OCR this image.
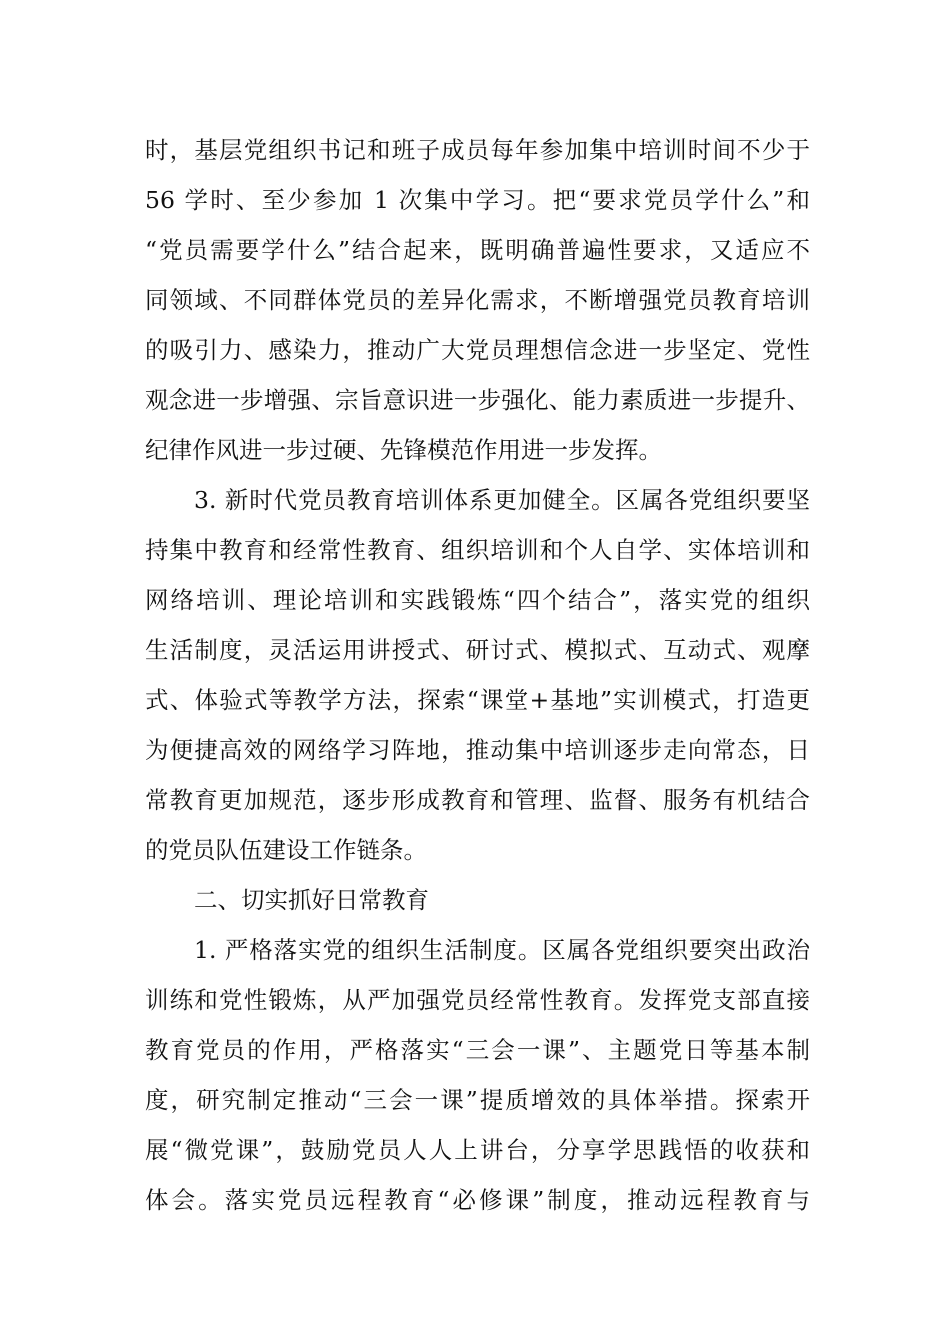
时，基层党组织书记和班子成员每年参加集中培训时间不少于
56 学时、至少参加 1 次集中学习。把“要求党员学什么”和
“党员需要学什么”结合起来，既明确普遍性要求，又适应不
同领域、不同群体党员的差异化需求，不断增强党员教育培训
的吸引力、感染力，推动广大党员理想信念进一步坚定、党性
观念进一步增强、宗旨意识进一步强化、能力素质进一步提升、
纪律作风进一步过硬、先锋模范作用进一步发挥。
3. 新时代党员教育培训体系更加健全。区属各党组织要坚
持集中教育和经常性教育、组织培训和个人自学、实体培训和
网络培训、理论培训和实践锻炼“四个结合”，落实党的组织
生活制度，灵活运用讲授式、研讨式、模拟式、互动式、观摩
式、体验式等教学方法，探索“课堂+基地”实训模式，打造更
为便捷高效的网络学习阵地，推动集中培训逐步走向常态，日
常教育更加规范，逐步形成教育和管理、监督、服务有机结合
的党员队伍建设工作链条。
二、切实抓好日常教育
1. 严格落实党的组织生活制度。区属各党组织要突出政治
训练和党性锻炼，从严加强党员经常性教育。发挥党支部直接
教育党员的作用，严格落实“三会一课”、主题党日等基本制
度，研究制定推动“三会一课”提质增效的具体举措。探索开
展“微党课”，鼓励党员人人上讲台，分享学思践悟的收获和
体会。落实党员远程教育“必修课”制度，推动远程教育与
